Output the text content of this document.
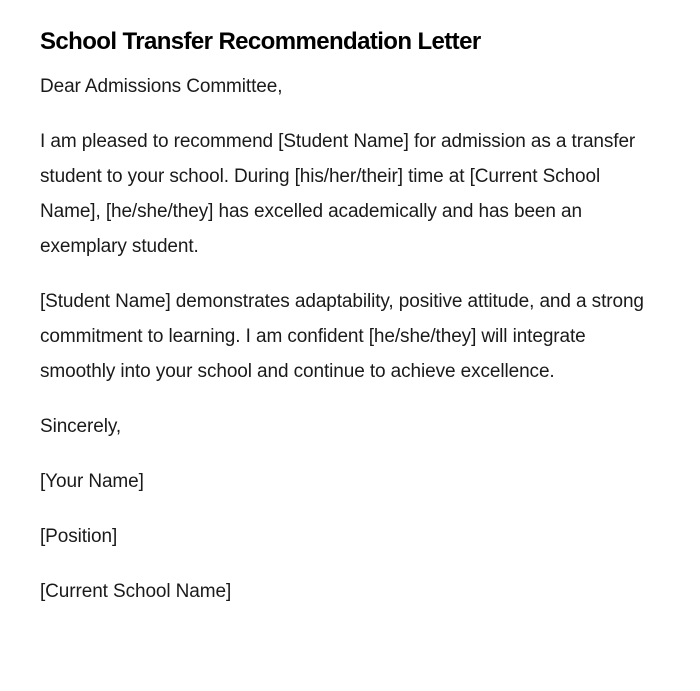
School Transfer Recommendation Letter

Dear Admissions Committee,

I am pleased to recommend [Student Name] for admission as a transfer student to your school. During [his/her/their] time at [Current School Name], [he/she/they] has excelled academically and has been an exemplary student.

[Student Name] demonstrates adaptability, positive attitude, and a strong commitment to learning. I am confident [he/she/they] will integrate smoothly into your school and continue to achieve excellence.

Sincerely,

[Your Name]

[Position]

[Current School Name]
